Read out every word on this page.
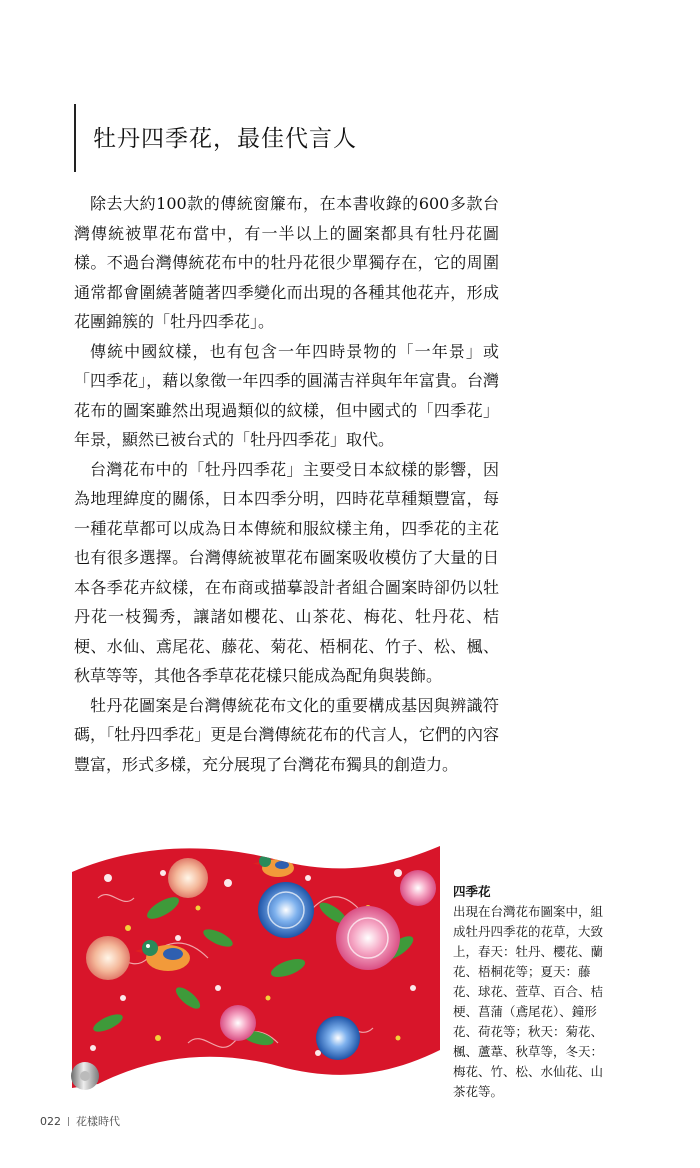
牡丹四季花，最佳代言人

除去大約100款的傳統窗簾布，在本書收錄的600多款台灣傳統被單花布當中，有一半以上的圖案都具有牡丹花圖樣。不過台灣傳統花布中的牡丹花很少單獨存在，它的周圍通常都會圍繞著隨著四季變化而出現的各種其他花卉，形成花團錦簇的「牡丹四季花」。

傳統中國紋樣，也有包含一年四時景物的「一年景」或「四季花」，藉以象徵一年四季的圓滿吉祥與年年富貴。台灣花布的圖案雖然出現過類似的紋樣，但中國式的「四季花」年景，顯然已被台式的「牡丹四季花」取代。

台灣花布中的「牡丹四季花」主要受日本紋樣的影響，因為地理緯度的關係，日本四季分明，四時花草種類豐富，每一種花草都可以成為日本傳統和服紋樣主角，四季花的主花也有很多選擇。台灣傳統被單花布圖案吸收模仿了大量的日本各季花卉紋樣，在布商或描摹設計者組合圖案時卻仍以牡丹花一枝獨秀，讓諸如櫻花、山茶花、梅花、牡丹花、桔梗、水仙、鳶尾花、藤花、菊花、梧桐花、竹子、松、楓、秋草等等，其他各季草花花樣只能成為配角與裝飾。

牡丹花圖案是台灣傳統花布文化的重要構成基因與辨識符碼，「牡丹四季花」更是台灣傳統花布的代言人，它們的內容豐富，形式多樣，充分展現了台灣花布獨具的創造力。

四季花
出現在台灣花布圖案中，組成牡丹四季花的花草，大致上，春天：牡丹、櫻花、蘭花、梧桐花等；夏天：藤花、球花、萱草、百合、桔梗、菖蒲（鳶尾花）、鐘形花、荷花等；秋天：菊花、楓、蘆葦、秋草等，冬天：梅花、竹、松、水仙花、山茶花等。
022 花樣時代
